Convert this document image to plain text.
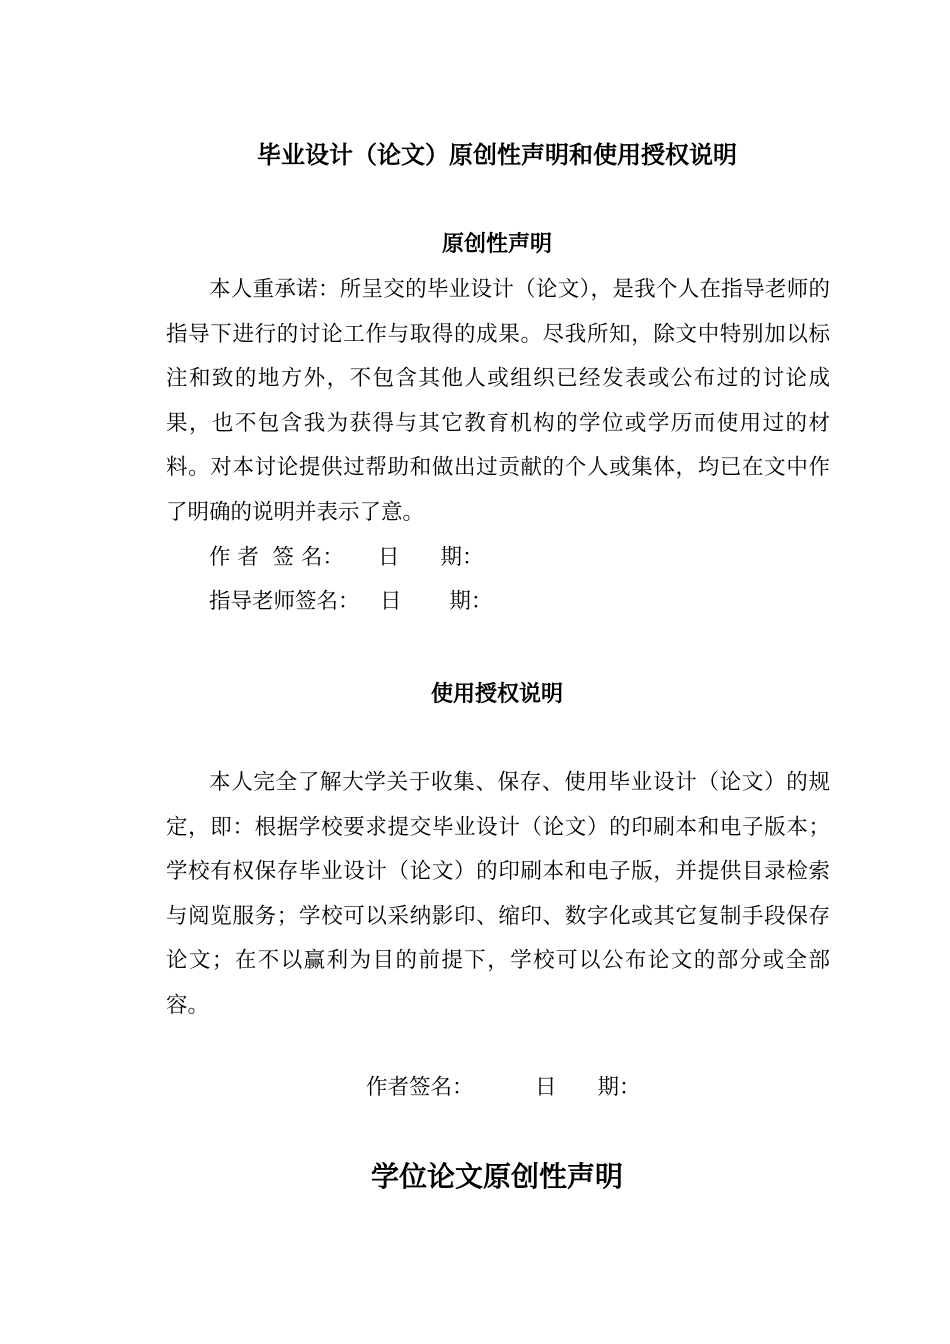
毕业设计（论文）原创性声明和使用授权说明
原创性声明

本人重承诺：所呈交的毕业设计（论文），是我个人在指导老师的指导下进行的讨论工作与取得的成果。尽我所知，除文中特别加以标注和致的地方外，不包含其他人或组织已经发表或公布过的讨论成果，也不包含我为获得与其它教育机构的学位或学历而使用过的材料。对本讨论提供过帮助和做出过贡献的个人或集体，均已在文中作了明确的说明并表示了意。

作 者  签 名：     日      期：
指导老师签名：   日       期：
使用授权说明

本人完全了解大学关于收集、保存、使用毕业设计（论文）的规定，即：根据学校要求提交毕业设计（论文）的印刷本和电子版本；学校有权保存毕业设计（论文）的印刷本和电子版，并提供目录检索与阅览服务；学校可以采纳影印、缩印、数字化或其它复制手段保存论文；在不以赢利为目的前提下，学校可以公布论文的部分或全部容。

作者签名：         日      期：
学位论文原创性声明
